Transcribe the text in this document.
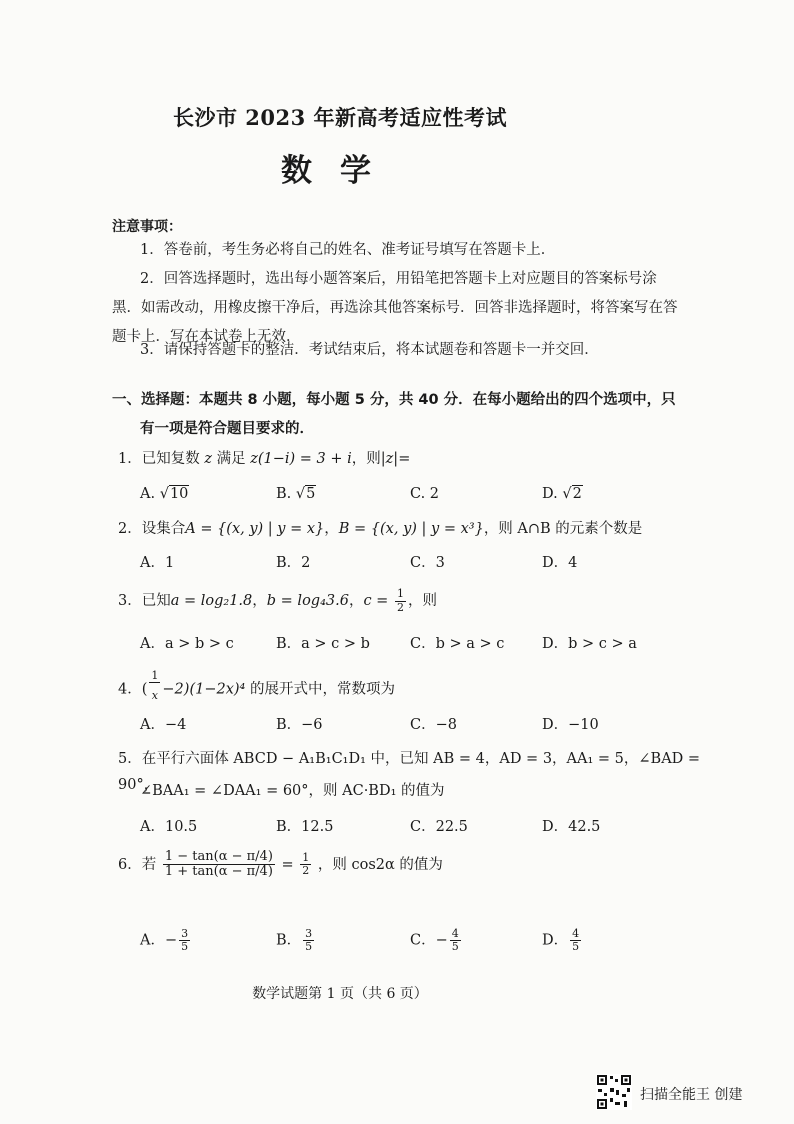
长沙市 2023 年新高考适应性考试
数学
注意事项：
1．答卷前，考生务必将自己的姓名、准考证号填写在答题卡上．
2．回答选择题时，选出每小题答案后，用铅笔把答题卡上对应题目的答案标号涂黑．如需改动，用橡皮擦干净后，再选涂其他答案标号．回答非选择题时，将答案写在答题卡上．写在本试卷上无效．
3．请保持答题卡的整洁．考试结束后，将本试题卷和答题卡一并交回．
一、选择题：本题共 8 小题，每小题 5 分，共 40 分．在每小题给出的四个选项中，只
有一项是符合题目要求的．
1．已知复数 z 满足 z(1−i) = 3 + i，则|z|=
A. √10	B. √5	C. 2	D. √2
2．设集合A = {(x, y) | y = x}，B = {(x, y) | y = x³}，则 A∩B 的元素个数是
A．1	B．2	C．3	D．4
3．已知a = log₂1.8，b = log₄3.6，$c = \frac{1}{2}$ ，则
A．a > b > c	B．a > c > b	C．b > a > c	D．b > c > a
4．( $\frac{1}{x} -2)(1-2x)^4$ 的展开式中，常数项为
A．−4	B．−6	C．−8	D．−10
5．在平行六面体 ABCD − A₁B₁C₁D₁ 中，已知 AB = 4，AD = 3，AA₁ = 5，∠BAD = 90°，
∠BAA₁ = ∠DAA₁ = 60°，则 AC·BD₁ 的值为
A．10.5	B．12.5	C．22.5	D．42.5
6．若 $\frac{1 - \tan(\alpha - \pi/4)}{1 + \tan(\alpha - \pi/4)} = \frac{1}{2}$ ，则 cos2α 的值为
A．− $\frac{3}{5}$	B． $\frac{3}{5}$	C．− $\frac{4}{5}$	D． $\frac{4}{5}$
数学试题第 1 页（共 6 页）
扫描全能王 创建
